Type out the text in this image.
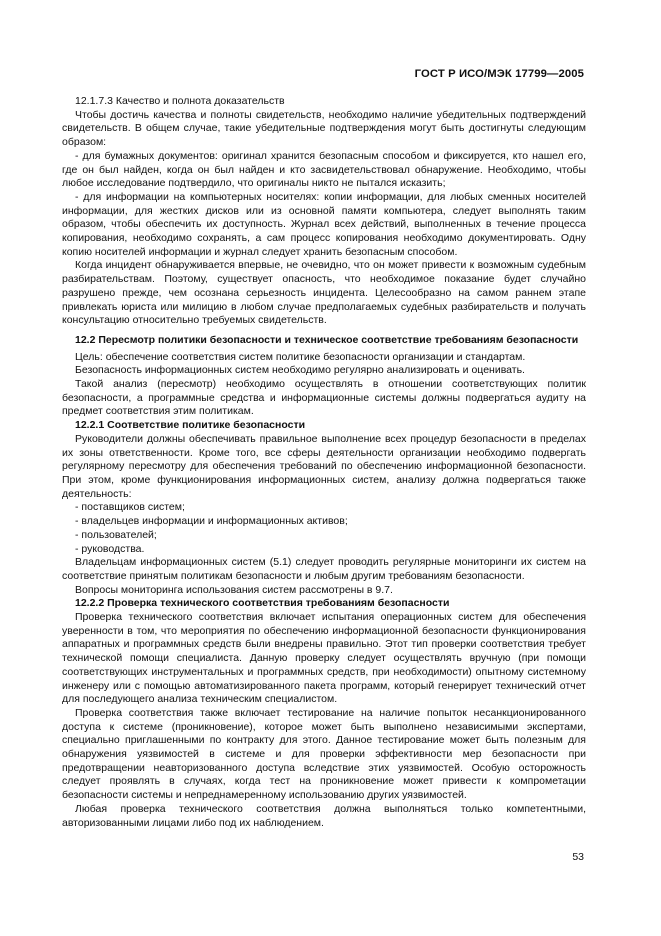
ГОСТ Р ИСО/МЭК 17799—2005

12.1.7.3 Качество и полнота доказательств

Чтобы достичь качества и полноты свидетельств, необходимо наличие убедительных подтверждений свидетельств. В общем случае, такие убедительные подтверждения могут быть достигнуты следующим образом:

- для бумажных документов: оригинал хранится безопасным способом и фиксируется, кто нашел его, где он был найден, когда он был найден и кто засвидетельствовал обнаружение. Необходимо, чтобы любое исследование подтвердило, что оригиналы никто не пытался исказить;

- для информации на компьютерных носителях: копии информации, для любых сменных носителей информации, для жестких дисков или из основной памяти компьютера, следует выполнять таким образом, чтобы обеспечить их доступность. Журнал всех действий, выполненных в течение процесса копирования, необходимо сохранять, а сам процесс копирования необходимо документировать. Одну копию носителей информации и журнал следует хранить безопасным способом.

Когда инцидент обнаруживается впервые, не очевидно, что он может привести к возможным судебным разбирательствам. Поэтому, существует опасность, что необходимое показание будет случайно разрушено прежде, чем осознана серьезность инцидента. Целесообразно на самом раннем этапе привлекать юриста или милицию в любом случае предполагаемых судебных разбирательств и получать консультацию относительно требуемых свидетельств.

12.2 Пересмотр политики безопасности и техническое соответствие требованиям безопасности

Цель: обеспечение соответствия систем политике безопасности организации и стандартам.

Безопасность информационных систем необходимо регулярно анализировать и оценивать.

Такой анализ (пересмотр) необходимо осуществлять в отношении соответствующих политик безопасности, а программные средства и информационные системы должны подвергаться аудиту на предмет соответствия этим политикам.

12.2.1 Соответствие политике безопасности

Руководители должны обеспечивать правильное выполнение всех процедур безопасности в пределах их зоны ответственности. Кроме того, все сферы деятельности организации необходимо подвергать регулярному пересмотру для обеспечения требований по обеспечению информационной безопасности. При этом, кроме функционирования информационных систем, анализу должна подвергаться также деятельность:

- поставщиков систем;

- владельцев информации и информационных активов;

- пользователей;

- руководства.

Владельцам информационных систем (5.1) следует проводить регулярные мониторинги их систем на соответствие принятым политикам безопасности и любым другим требованиям безопасности.

Вопросы мониторинга использования систем рассмотрены в 9.7.

12.2.2 Проверка технического соответствия требованиям безопасности

Проверка технического соответствия включает испытания операционных систем для обеспечения уверенности в том, что мероприятия по обеспечению информационной безопасности функционирования аппаратных и программных средств были внедрены правильно. Этот тип проверки соответствия требует технической помощи специалиста. Данную проверку следует осуществлять вручную (при помощи соответствующих инструментальных и программных средств, при необходимости) опытному системному инженеру или с помощью автоматизированного пакета программ, который генерирует технический отчет для последующего анализа техническим специалистом.

Проверка соответствия также включает тестирование на наличие попыток несанкционированного доступа к системе (проникновение), которое может быть выполнено независимыми экспертами, специально приглашенными по контракту для этого. Данное тестирование может быть полезным для обнаружения уязвимостей в системе и для проверки эффективности мер безопасности при предотвращении неавторизованного доступа вследствие этих уязвимостей. Особую осторожность следует проявлять в случаях, когда тест на проникновение может привести к компрометации безопасности системы и непреднамеренному использованию других уязвимостей.

Любая проверка технического соответствия должна выполняться только компетентными, авторизованными лицами либо под их наблюдением.

53
